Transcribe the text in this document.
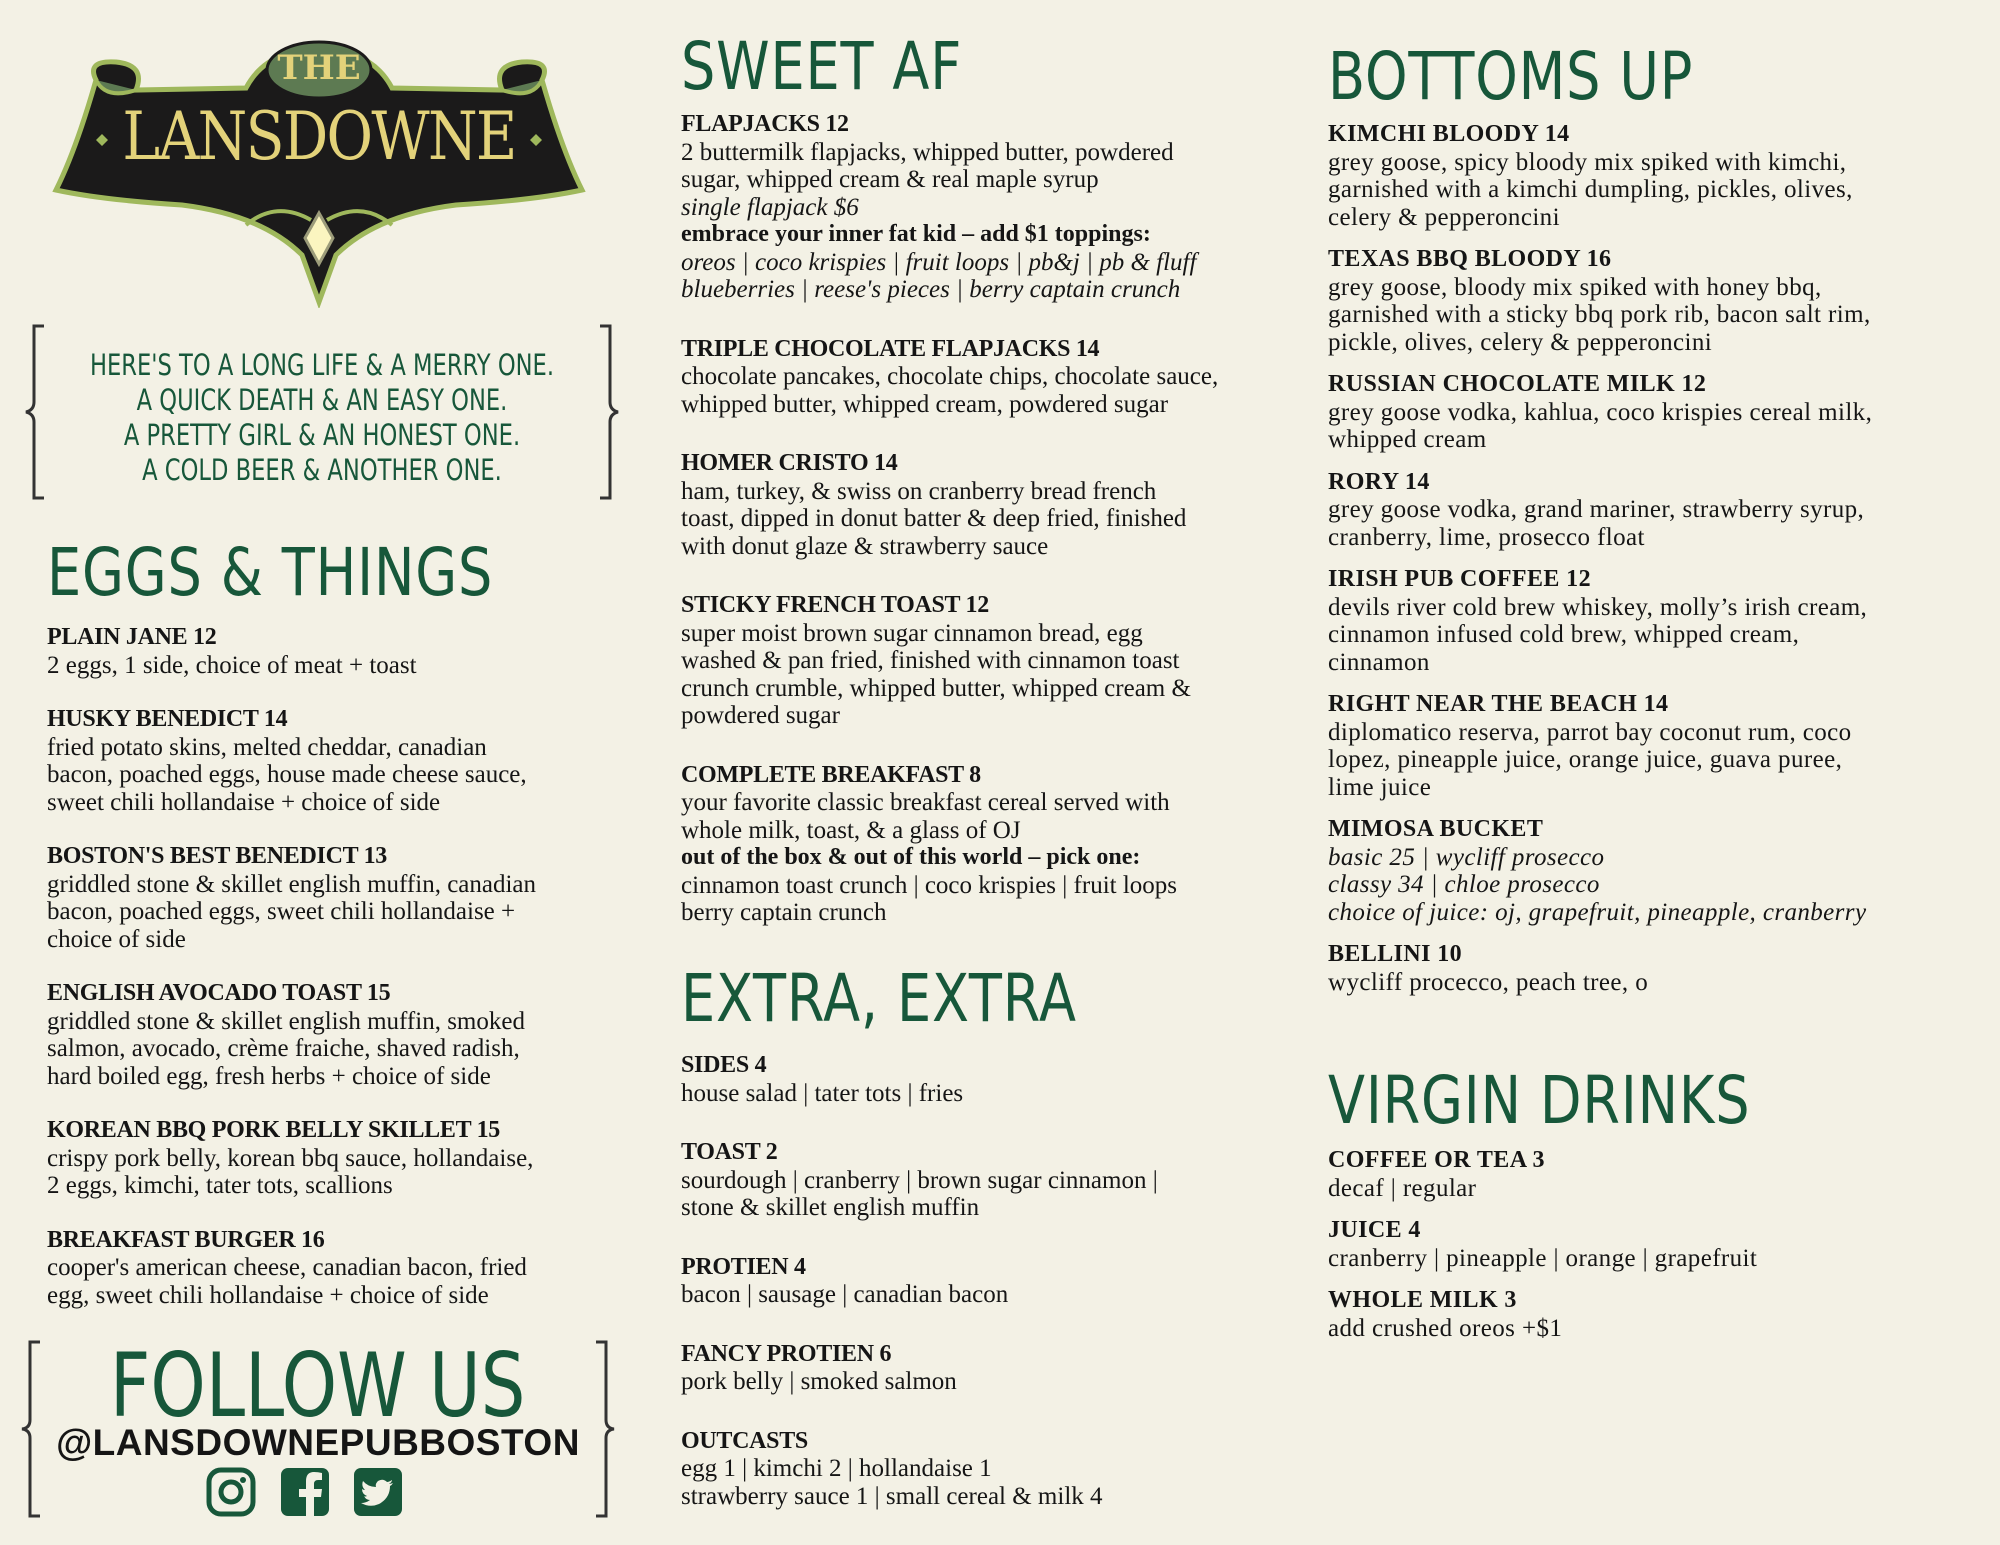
THE
LANSDOWNE
HERE'S TO A LONG LIFE & A MERRY ONE.
A QUICK DEATH & AN EASY ONE.
A PRETTY GIRL & AN HONEST ONE.
A COLD BEER & ANOTHER ONE.
EGGS & THINGS
PLAIN JANE 12
2 eggs, 1 side, choice of meat + toast
HUSKY BENEDICT 14
fried potato skins, melted cheddar, canadian
bacon, poached eggs, house made cheese sauce,
sweet chili hollandaise + choice of side
BOSTON'S BEST BENEDICT 13
griddled stone & skillet english muffin, canadian
bacon, poached eggs, sweet chili hollandaise +
choice of side
ENGLISH AVOCADO TOAST 15
griddled stone & skillet english muffin, smoked
salmon, avocado, crème fraiche, shaved radish,
hard boiled egg, fresh herbs + choice of side
KOREAN BBQ PORK BELLY SKILLET 15
crispy pork belly, korean bbq sauce, hollandaise,
2 eggs, kimchi, tater tots, scallions
BREAKFAST BURGER 16
cooper's american cheese, canadian bacon, fried
egg, sweet chili hollandaise + choice of side
SWEET AF
FLAPJACKS 12
2 buttermilk flapjacks, whipped butter, powdered
sugar, whipped cream & real maple syrup
single flapjack $6
embrace your inner fat kid – add $1 toppings:
oreos | coco krispies | fruit loops | pb&j | pb & fluff
blueberries | reese's pieces | berry captain crunch
TRIPLE CHOCOLATE FLAPJACKS 14
chocolate pancakes, chocolate chips, chocolate sauce,
whipped butter, whipped cream, powdered sugar
HOMER CRISTO 14
ham, turkey, & swiss on cranberry bread french
toast, dipped in donut batter & deep fried, finished
with donut glaze & strawberry sauce
STICKY FRENCH TOAST 12
super moist brown sugar cinnamon bread, egg
washed & pan fried, finished with cinnamon toast
crunch crumble, whipped butter, whipped cream &
powdered sugar
COMPLETE BREAKFAST 8
your favorite classic breakfast cereal served with
whole milk, toast, & a glass of OJ
out of the box & out of this world – pick one:
cinnamon toast crunch | coco krispies | fruit loops
berry captain crunch
EXTRA, EXTRA
SIDES 4
house salad | tater tots | fries
TOAST 2
sourdough | cranberry | brown sugar cinnamon |
stone & skillet english muffin
PROTIEN 4
bacon | sausage | canadian bacon
FANCY PROTIEN 6
pork belly | smoked salmon
OUTCASTS
egg 1 | kimchi 2 | hollandaise 1
strawberry sauce 1 | small cereal & milk 4
BOTTOMS UP
KIMCHI BLOODY 14
grey goose, spicy bloody mix spiked with kimchi,
garnished with a kimchi dumpling, pickles, olives,
celery & pepperoncini
TEXAS BBQ BLOODY 16
grey goose, bloody mix spiked with honey bbq,
garnished with a sticky bbq pork rib, bacon salt rim,
pickle, olives, celery & pepperoncini
RUSSIAN CHOCOLATE MILK 12
grey goose vodka, kahlua, coco krispies cereal milk,
whipped cream
RORY 14
grey goose vodka, grand mariner, strawberry syrup,
cranberry, lime, prosecco float
IRISH PUB COFFEE 12
devils river cold brew whiskey, molly’s irish cream,
cinnamon infused cold brew, whipped cream,
cinnamon
RIGHT NEAR THE BEACH 14
diplomatico reserva, parrot bay coconut rum, coco
lopez, pineapple juice, orange juice, guava puree,
lime juice
MIMOSA BUCKET
basic 25 | wycliff prosecco
classy 34 | chloe prosecco
choice of juice: oj, grapefruit, pineapple, cranberry
BELLINI 10
wycliff procecco, peach tree, o
VIRGIN DRINKS
COFFEE OR TEA 3
decaf | regular
JUICE 4
cranberry | pineapple | orange | grapefruit
WHOLE MILK 3
add crushed oreos +$1
FOLLOW US
@LANSDOWNEPUBBOSTON
